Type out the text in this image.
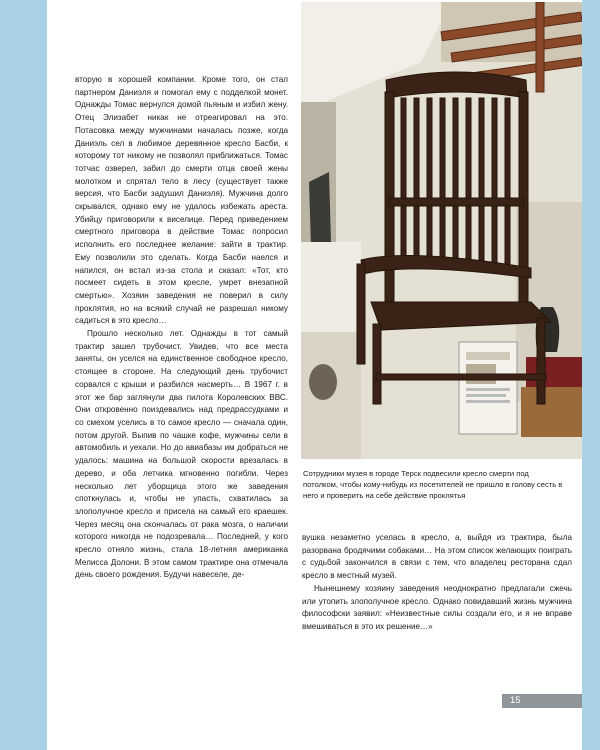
вторую в хорошей компании. Кроме того, он стал партнером Даниэля и помогал ему с подделкой монет. Однажды Томас вернулся домой пьяным и избил жену. Отец Элизабет никак не отреагировал на это. Потасовка между мужчинами началась позже, когда Даниэль сел в любимое деревянное кресло Басби, к которому тот никому не позволял приближаться. Томас тотчас озверел, забил до смерти отца своей жены молотком и спрятал тело в лесу (существует также версия, что Басби задушил Даниэля). Мужчина долго скрывался, однако ему не удалось избежать ареста. Убийцу приговорили к виселице. Перед приведением смертного приговора в действие Томас попросил исполнить его последнее желание: зайти в трактир. Ему позволили это сделать. Когда Басби наелся и напился, он встал из-за стола и сказал: «Тот, кто посмеет сидеть в этом кресле, умрет внезапной смертью». Хозяин заведения не поверил в силу проклятия, но на всякий случай не разрешал никому садиться в это кресло…

Прошло несколько лет. Однажды в тот самый трактир зашел трубочист. Увидев, что все места заняты, он уселся на единственное свободное кресло, стоящее в стороне. На следующий день трубочист сорвался с крыши и разбился насмерть… В 1967 г. в этот же бар заглянули два пилота Королевских ВВС. Они откровенно поиздевались над предрассудками и со смехом уселись в то самое кресло — сначала один, потом другой. Выпив по чашке кофе, мужчины сели в автомобиль и уехали. Но до авиабазы им добраться не удалось: машина на большой скорости врезалась в дерево, и оба летчика мгновенно погибли. Через несколько лет уборщица этого же заведения споткнулась и, чтобы не упасть, схватилась за злополучное кресло и присела на самый его краешек. Через месяц она скончалась от рака мозга, о наличии которого никогда не подозревала… Последней, у кого кресло отняло жизнь, стала 18-летняя американка Мелисса Долони. В этом самом трактире она отмечала день своего рождения. Будучи навеселе, де-

Сотрудники музея в городе Терск подвесили кресло смерти под потолком, чтобы кому-нибудь из посетителей не пришло в голову сесть в него и проверить на себе действие проклятья

вушка незаметно уселась в кресло, а, выйдя из трактира, была разорвана бродячими собаками… На этом список желающих поиграть с судьбой закончился в связи с тем, что владелец ресторана сдал кресло в местный музей.

Нынешнему хозяину заведения неоднократно предлагали сжечь или утопить злополучное кресло. Однако повидавший жизнь мужчина философски заявил: «Неизвестные силы создали его, и я не вправе вмешиваться в это их решение…»

15
